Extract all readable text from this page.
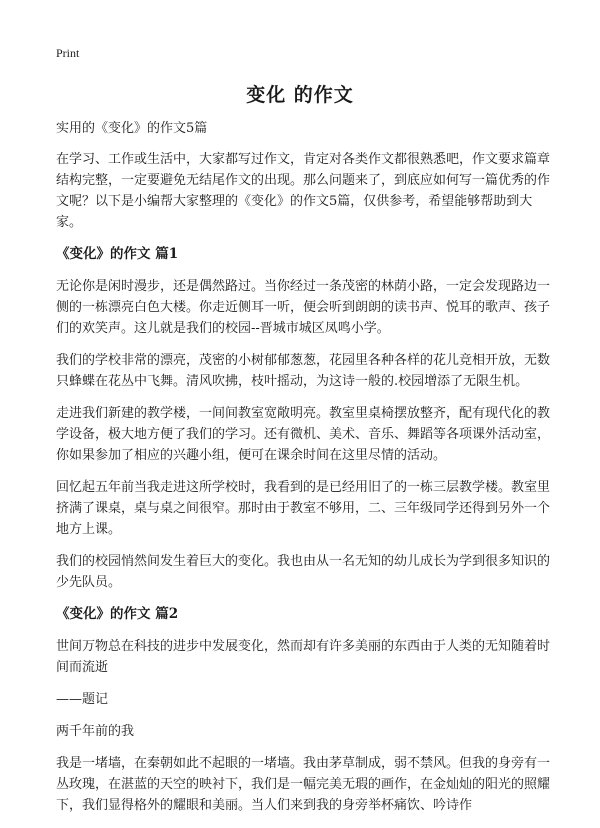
Print
变化 的作文

实用的《变化》的作文5篇

在学习、工作或生活中，大家都写过作文，肯定对各类作文都很熟悉吧，作文要求篇章结构完整，一定要避免无结尾作文的出现。那么问题来了，到底应如何写一篇优秀的作文呢？以下是小编帮大家整理的《变化》的作文5篇，仅供参考，希望能够帮助到大家。

《变化》的作文 篇1

无论你是闲时漫步，还是偶然路过。当你经过一条茂密的林荫小路，一定会发现路边一侧的一栋漂亮白色大楼。你走近侧耳一听，便会听到朗朗的读书声、悦耳的歌声、孩子们的欢笑声。这儿就是我们的校园--晋城市城区凤鸣小学。

我们的学校非常的漂亮，茂密的小树郁郁葱葱，花园里各种各样的花儿竞相开放，无数只蜂蝶在花丛中飞舞。清风吹拂，枝叶摇动，为这诗一般的.校园增添了无限生机。

走进我们新建的教学楼，一间间教室宽敞明亮。教室里桌椅摆放整齐，配有现代化的教学设备，极大地方便了我们的学习。还有微机、美术、音乐、舞蹈等各项课外活动室，你如果参加了相应的兴趣小组，便可在课余时间在这里尽情的活动。

回忆起五年前当我走进这所学校时，我看到的是已经用旧了的一栋三层教学楼。教室里挤满了课桌，桌与桌之间很窄。那时由于教室不够用，二、三年级同学还得到另外一个地方上课。

我们的校园悄然间发生着巨大的变化。我也由从一名无知的幼儿成长为学到很多知识的少先队员。

《变化》的作文 篇2

世间万物总在科技的进步中发展变化，然而却有许多美丽的东西由于人类的无知随着时间而流逝

——题记

两千年前的我

我是一堵墙，在秦朝如此不起眼的一堵墙。我由茅草制成，弱不禁风。但我的身旁有一丛玫瑰，在湛蓝的天空的映衬下，我们是一幅完美无瑕的画作，在金灿灿的阳光的照耀下，我们显得格外的耀眼和美丽。当人们来到我的身旁举杯痛饮、吟诗作
